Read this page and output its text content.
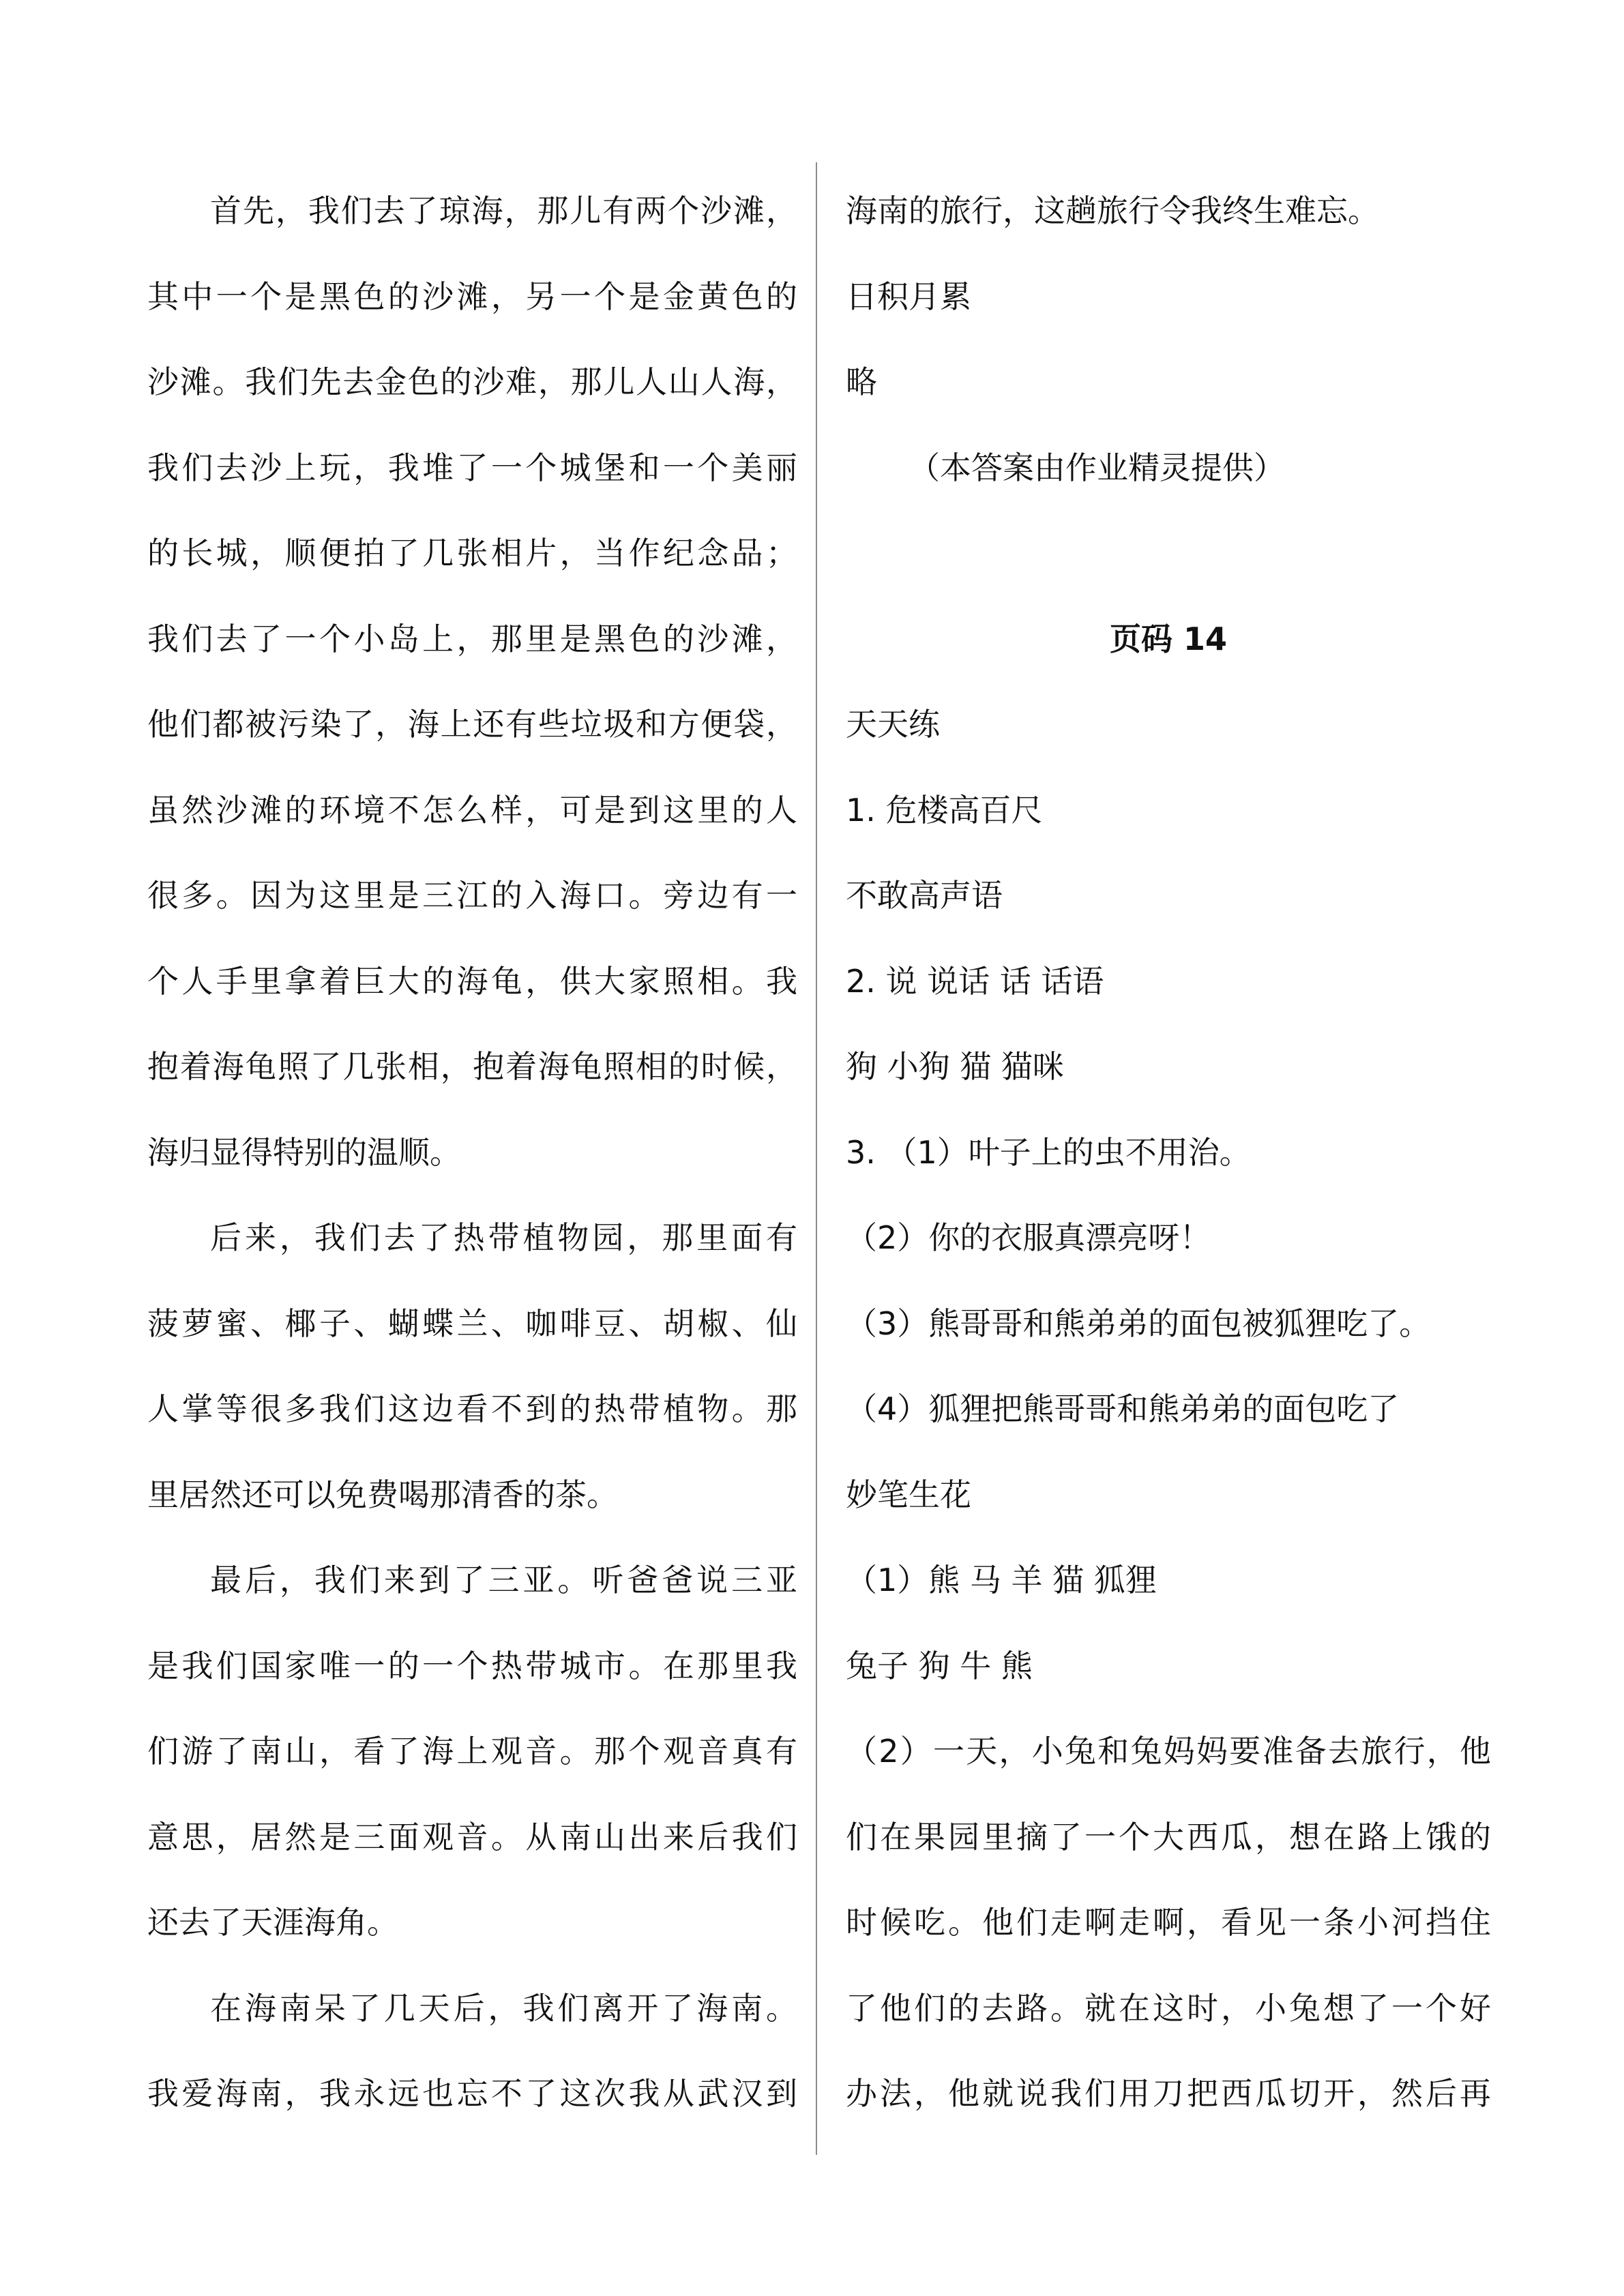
首先，我们去了琼海，那儿有两个沙滩，
其中一个是黑色的沙滩，另一个是金黄色的
沙滩。我们先去金色的沙难，那儿人山人海，
我们去沙上玩，我堆了一个城堡和一个美丽
的长城，顺便拍了几张相片，当作纪念品；
我们去了一个小岛上，那里是黑色的沙滩，
他们都被污染了，海上还有些垃圾和方便袋，
虽然沙滩的环境不怎么样，可是到这里的人
很多。因为这里是三江的入海口。旁边有一
个人手里拿着巨大的海龟，供大家照相。我
抱着海龟照了几张相，抱着海龟照相的时候，
海归显得特别的温顺。
后来，我们去了热带植物园，那里面有
菠萝蜜、椰子、蝴蝶兰、咖啡豆、胡椒、仙
人掌等很多我们这边看不到的热带植物。那
里居然还可以免费喝那清香的茶。
最后，我们来到了三亚。听爸爸说三亚
是我们国家唯一的一个热带城市。在那里我
们游了南山，看了海上观音。那个观音真有
意思，居然是三面观音。从南山出来后我们
还去了天涯海角。
在海南呆了几天后，我们离开了海南。
我爱海南，我永远也忘不了这次我从武汉到
海南的旅行，这趟旅行令我终生难忘。
日积月累
略
（本答案由作业精灵提供）
页码 14
天天练
1. 危楼高百尺
不敢高声语
2. 说 说话 话 话语
狗 小狗 猫 猫咪
3. （1）叶子上的虫不用治。
（2）你的衣服真漂亮呀！
（3）熊哥哥和熊弟弟的面包被狐狸吃了。
（4）狐狸把熊哥哥和熊弟弟的面包吃了
妙笔生花
（1）熊 马 羊 猫 狐狸
兔子 狗 牛 熊
（2）一天，小兔和兔妈妈要准备去旅行，他
们在果园里摘了一个大西瓜，想在路上饿的
时候吃。他们走啊走啊，看见一条小河挡住
了他们的去路。就在这时，小兔想了一个好
办法，他就说我们用刀把西瓜切开，然后再
